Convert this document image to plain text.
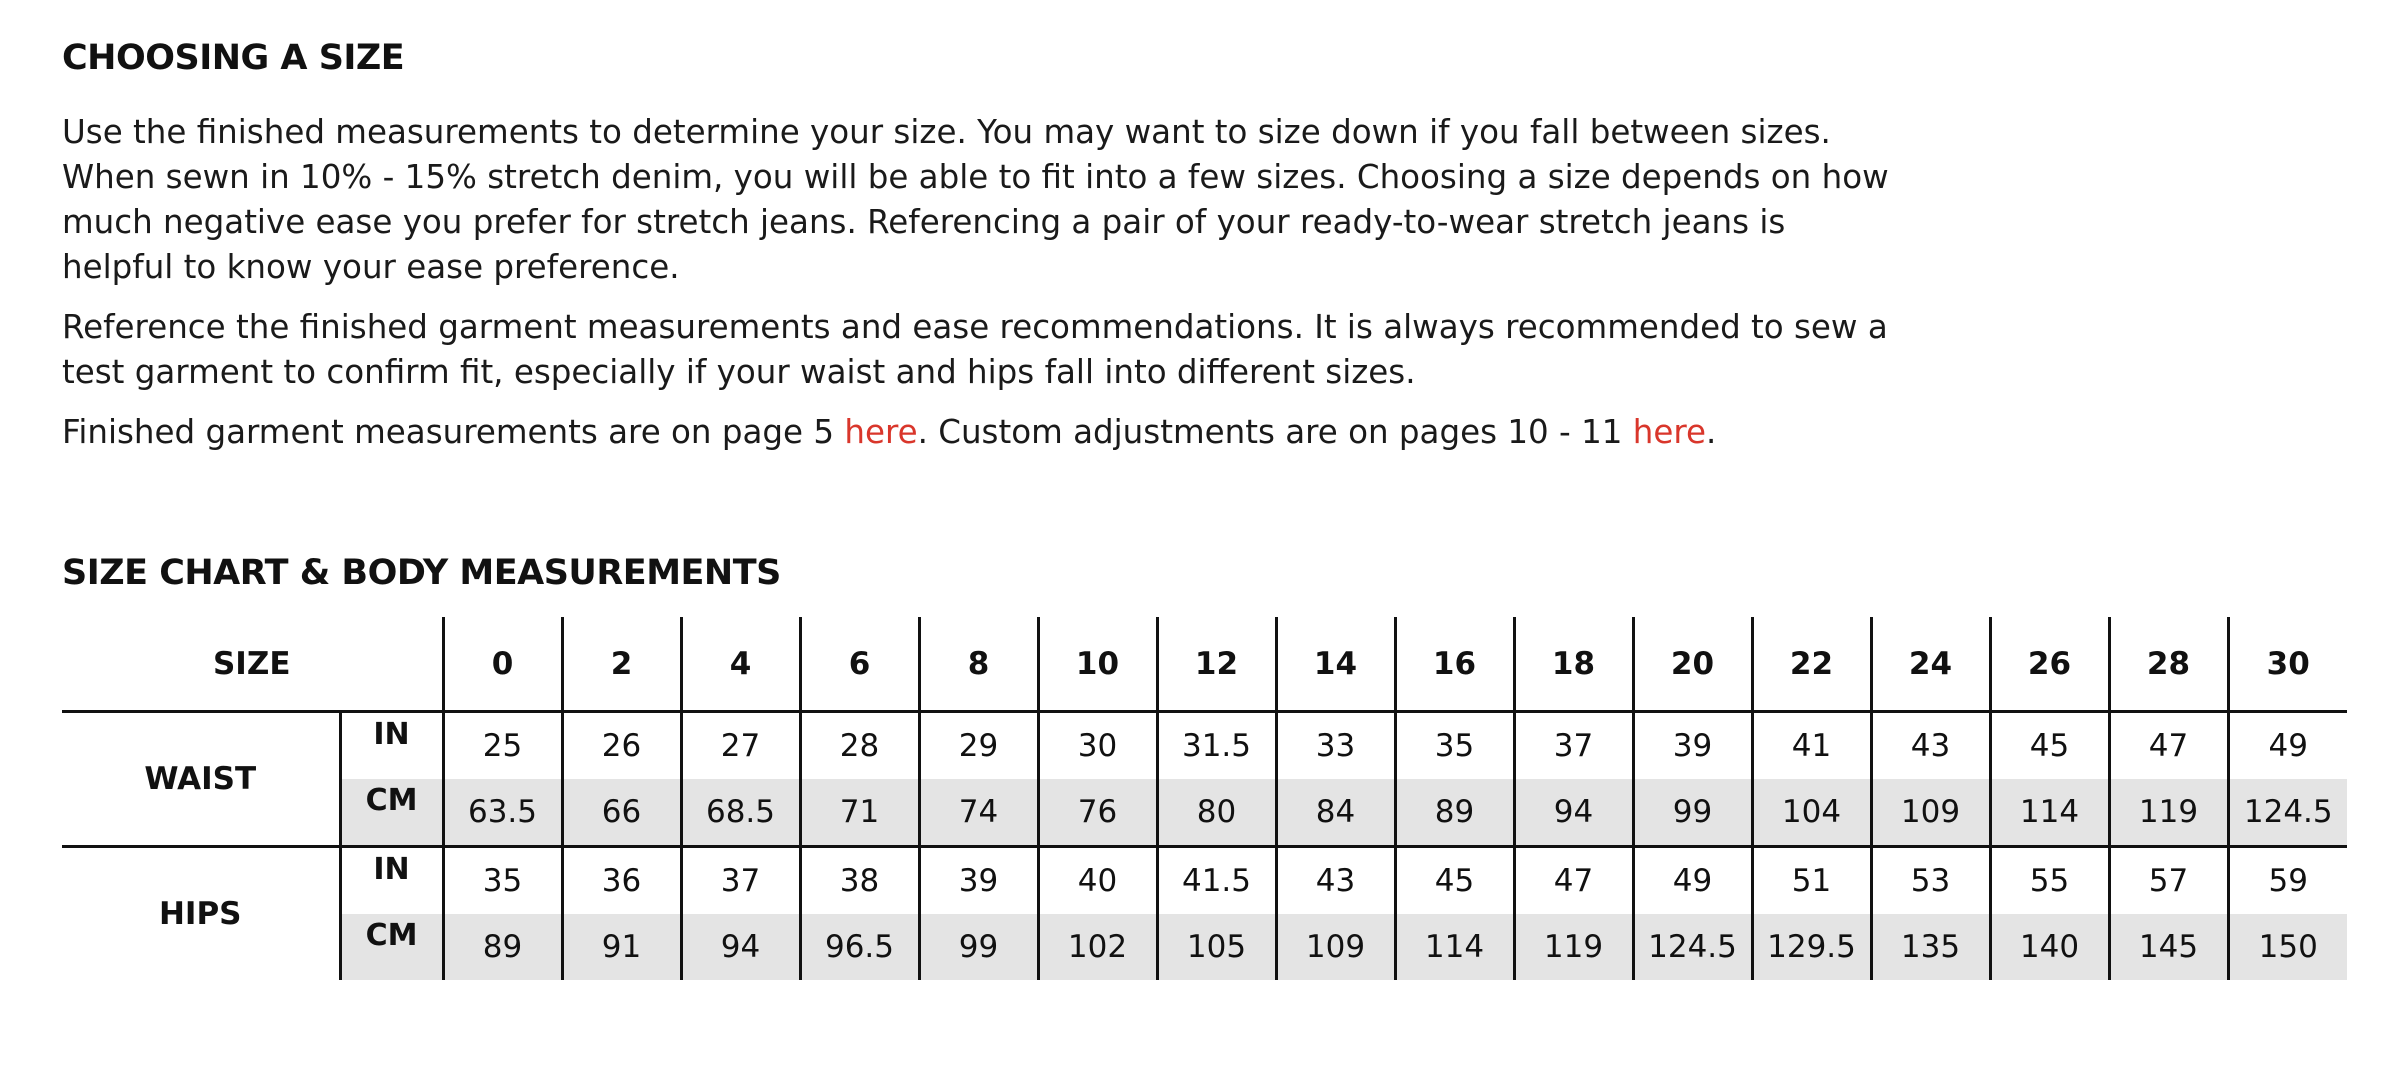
CHOOSING A SIZE

Use the finished measurements to determine your size. You may want to size down if you fall between sizes. When sewn in 10% - 15% stretch denim, you will be able to fit into a few sizes. Choosing a size depends on how much negative ease you prefer for stretch jeans. Referencing a pair of your ready-to-wear stretch jeans is helpful to know your ease preference.

Reference the finished garment measurements and ease recommendations. It is always recommended to sew a test garment to confirm fit, especially if your waist and hips fall into different sizes.

Finished garment measurements are on page 5 here. Custom adjustments are on pages 10 - 11 here.

SIZE CHART & BODY MEASUREMENTS
SIZE		0	2	4	6	8	10	12	14	16	18	20	22	24	26	28	30
WAIST	IN	25	26	27	28	29	30	31.5	33	35	37	39	41	43	45	47	49
	CM	63.5	66	68.5	71	74	76	80	84	89	94	99	104	109	114	119	124.5
HIPS	IN	35	36	37	38	39	40	41.5	43	45	47	49	51	53	55	57	59
	CM	89	91	94	96.5	99	102	105	109	114	119	124.5	129.5	135	140	145	150
